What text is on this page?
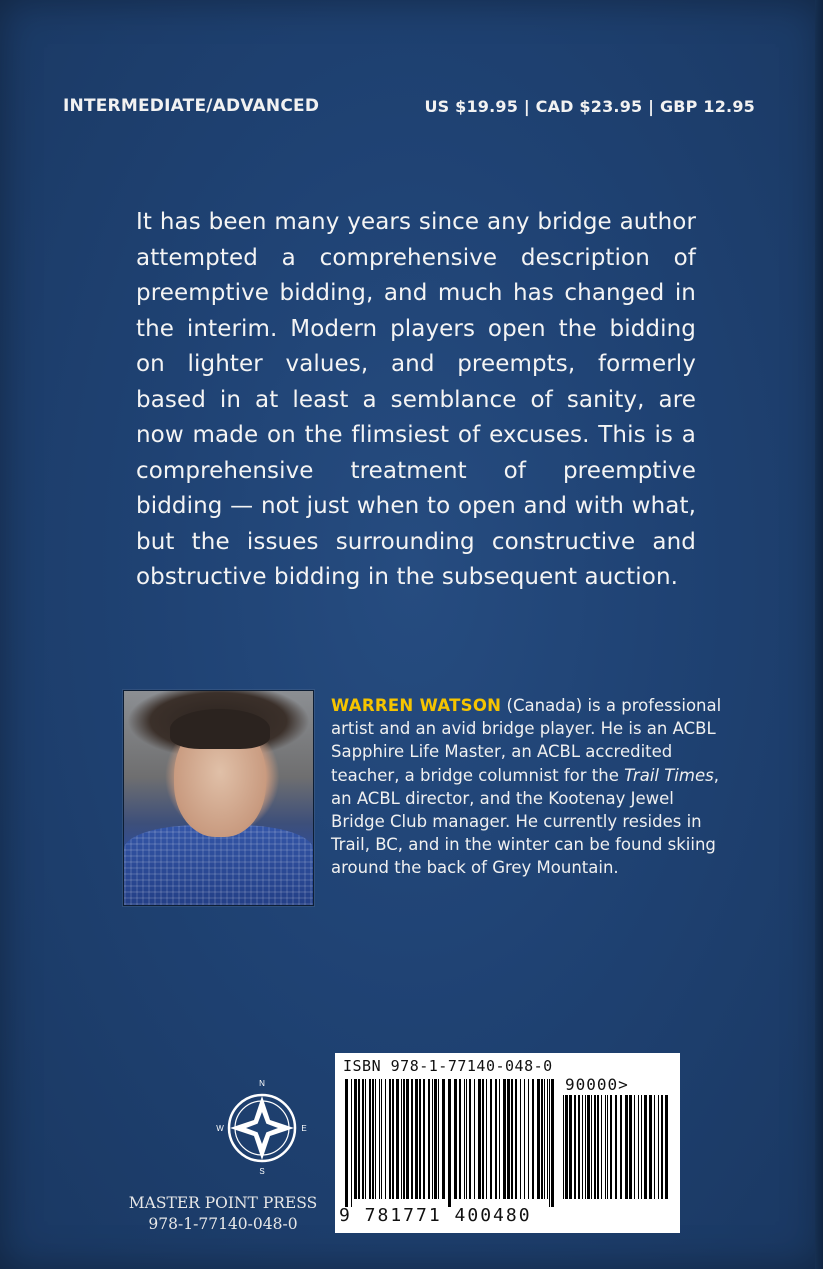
INTERMEDIATE/ADVANCED	US $19.95 | CAD $23.95 | GBP 12.95
It has been many years since any bridge author attempted a comprehensive description of preemptive bidding, and much has changed in the interim. Modern players open the bidding on lighter values, and preempts, formerly based in at least a semblance of sanity, are now made on the flimsiest of excuses. This is a comprehensive treatment of preemptive bidding — not just when to open and with what, but the issues surrounding constructive and obstructive bidding in the subsequent auction.
WARREN WATSON (Canada) is a professional artist and an avid bridge player. He is an ACBL Sapphire Life Master, an ACBL accredited teacher, a bridge columnist for the Trail Times, an ACBL director, and the Kootenay Jewel Bridge Club manager. He currently resides in Trail, BC, and in the winter can be found skiing around the back of Grey Mountain.
N
E
S
W
MASTER POINT PRESS
978-1-77140-048-0
ISBN 978-1-77140-048-0
90000>
9 781771 400480
